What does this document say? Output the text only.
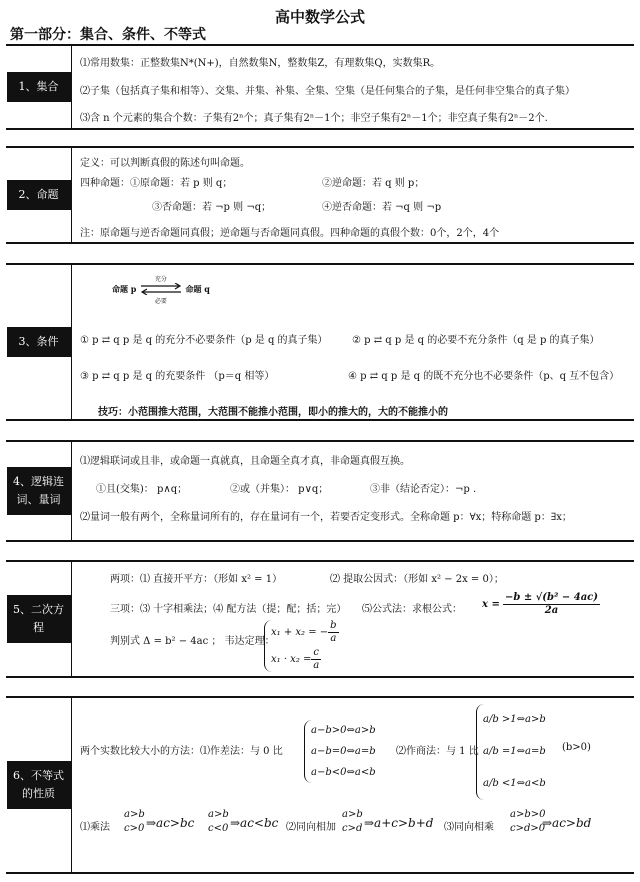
高中数学公式
第一部分：集合、条件、不等式
1、集合
⑴常用数集：正整数集N*(N+)，自然数集N，整数集Z，有理数集Q，实数集R。
⑵子集（包括真子集和相等）、交集、并集、补集、全集、空集（是任何集合的子集，是任何非空集合的真子集）
⑶含 n 个元素的集合个数：子集有2ⁿ个；真子集有2ⁿ－1个；非空子集有2ⁿ－1个；非空真子集有2ⁿ－2个.
2、命题
定义：可以判断真假的陈述句叫命题。
四种命题：①原命题：若 p 则 q；	②逆命题：若 q 则 p；
③否命题：若 ¬p 则 ¬q；	④逆否命题：若 ¬q 则 ¬p
注：原命题与逆否命题同真假；逆命题与否命题同真假。四种命题的真假个数：0个，2个，4个
3、条件
命题 p
充分
必要
命题 q
① p ⇄ q p 是 q 的充分不必要条件（p 是 q 的真子集） ② p ⇄ q p 是 q 的必要不充分条件（q 是 p 的真子集）
③ p ⇄ q p 是 q 的充要条件 （p＝q 相等）	④ p ⇄ q p 是 q 的既不充分也不必要条件（p、q 互不包含）
技巧：小范围推大范围，大范围不能推小范围，即小的推大的，大的不能推小的
4、逻辑连词、量词
⑴逻辑联词或且非，或命题一真就真，且命题全真才真，非命题真假互换。
①且(交集)： p∧q；	②或（并集）： p∨q；	③非（结论否定）：¬p .
⑵量词一般有两个，全称量词所有的，存在量词有一个，若要否定变形式。全称命题 p：∀x；特称命题 p：∃x；
5、二次方程
两项：⑴ 直接开平方：（形如 x² = 1）	⑵ 提取公因式：（形如 x² − 2x = 0）；
三项：⑶ 十字相乘法；⑷ 配方法（提；配；括；完） ⑸公式法：求根公式： $x = \frac{\text{−b ± √(b² − 4ac)}}{2a}$
判别式 Δ = b² − 4ac ； 韦达定理：
x₁ + x₂ = − $\frac{b}{a}$
$x_1 \cdot x_2 = \frac{c}{a}$
6、不等式的性质
两个实数比较大小的方法：⑴作差法：与 0 比
a−b>0⇔a>b
a−b=0⇔a=b
a−b<0⇔a<b
⑵作商法：与 1 比
a/b >1⇔a>b
a/b =1⇔a=b
a/b <1⇔a<b
(b>0)
⑴乘法
a>b
c>0 ⇒ac>bc
a>b
c<0 ⇒ac<bc ⑵同向相加
a>b
c>d ⇒a+c>b+d ⑶同向相乘
a>b>0
c>d>0
⇒ac>bd
